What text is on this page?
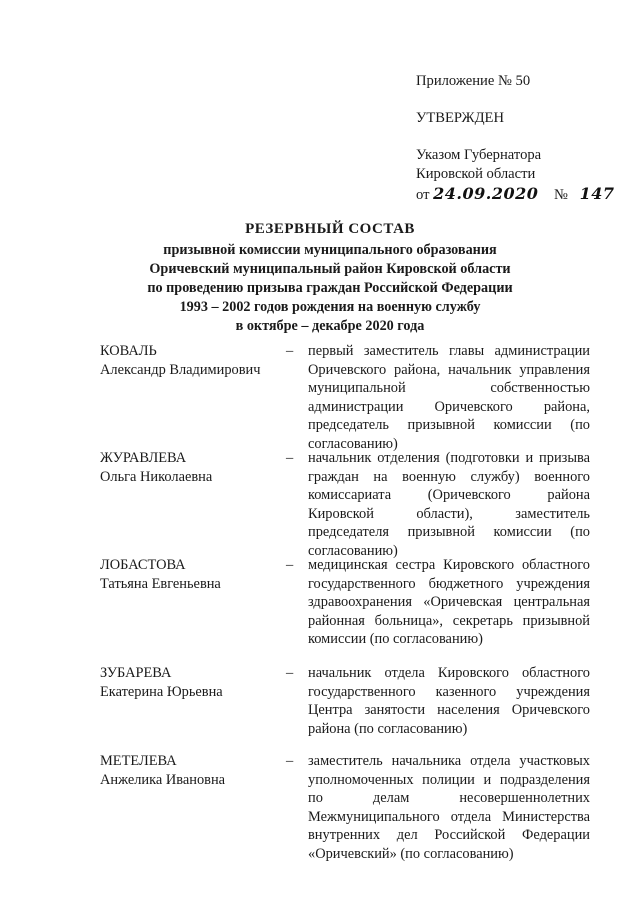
Приложение № 50
УТВЕРЖДЕН
Указом Губернатора
Кировской области
от 24.09.2020 № 147
РЕЗЕРВНЫЙ СОСТАВ
призывной комиссии муниципального образования
Оричевский муниципальный район Кировской области
по проведению призыва граждан Российской Федерации
1993 – 2002 годов рождения на военную службу
в октябре – декабре 2020 года
КОВАЛЬ
Александр Владимирович
– первый заместитель главы администрации Оричевского района, начальник управления муниципальной собственностью администрации Оричевского района, председатель призывной комиссии (по согласованию)
ЖУРАВЛЕВА
Ольга Николаевна
– начальник отделения (подготовки и призыва граждан на военную службу) военного комиссариата (Оричевского района Кировской области), заместитель председателя призывной комиссии (по согласованию)
ЛОБАСТОВА
Татьяна Евгеньевна
– медицинская сестра Кировского областного государственного бюджетного учреждения здравоохранения «Оричевская центральная районная больница», секретарь призывной комиссии (по согласованию)
ЗУБАРЕВА
Екатерина Юрьевна
– начальник отдела Кировского областного государственного казенного учреждения Центра занятости населения Оричевского района (по согласованию)
МЕТЕЛЕВА
Анжелика Ивановна
– заместитель начальника отдела участковых уполномоченных полиции и подразделения по делам несовершеннолетних Межмуниципального отдела Министерства внутренних дел Российской Федерации «Оричевский» (по согласованию)
